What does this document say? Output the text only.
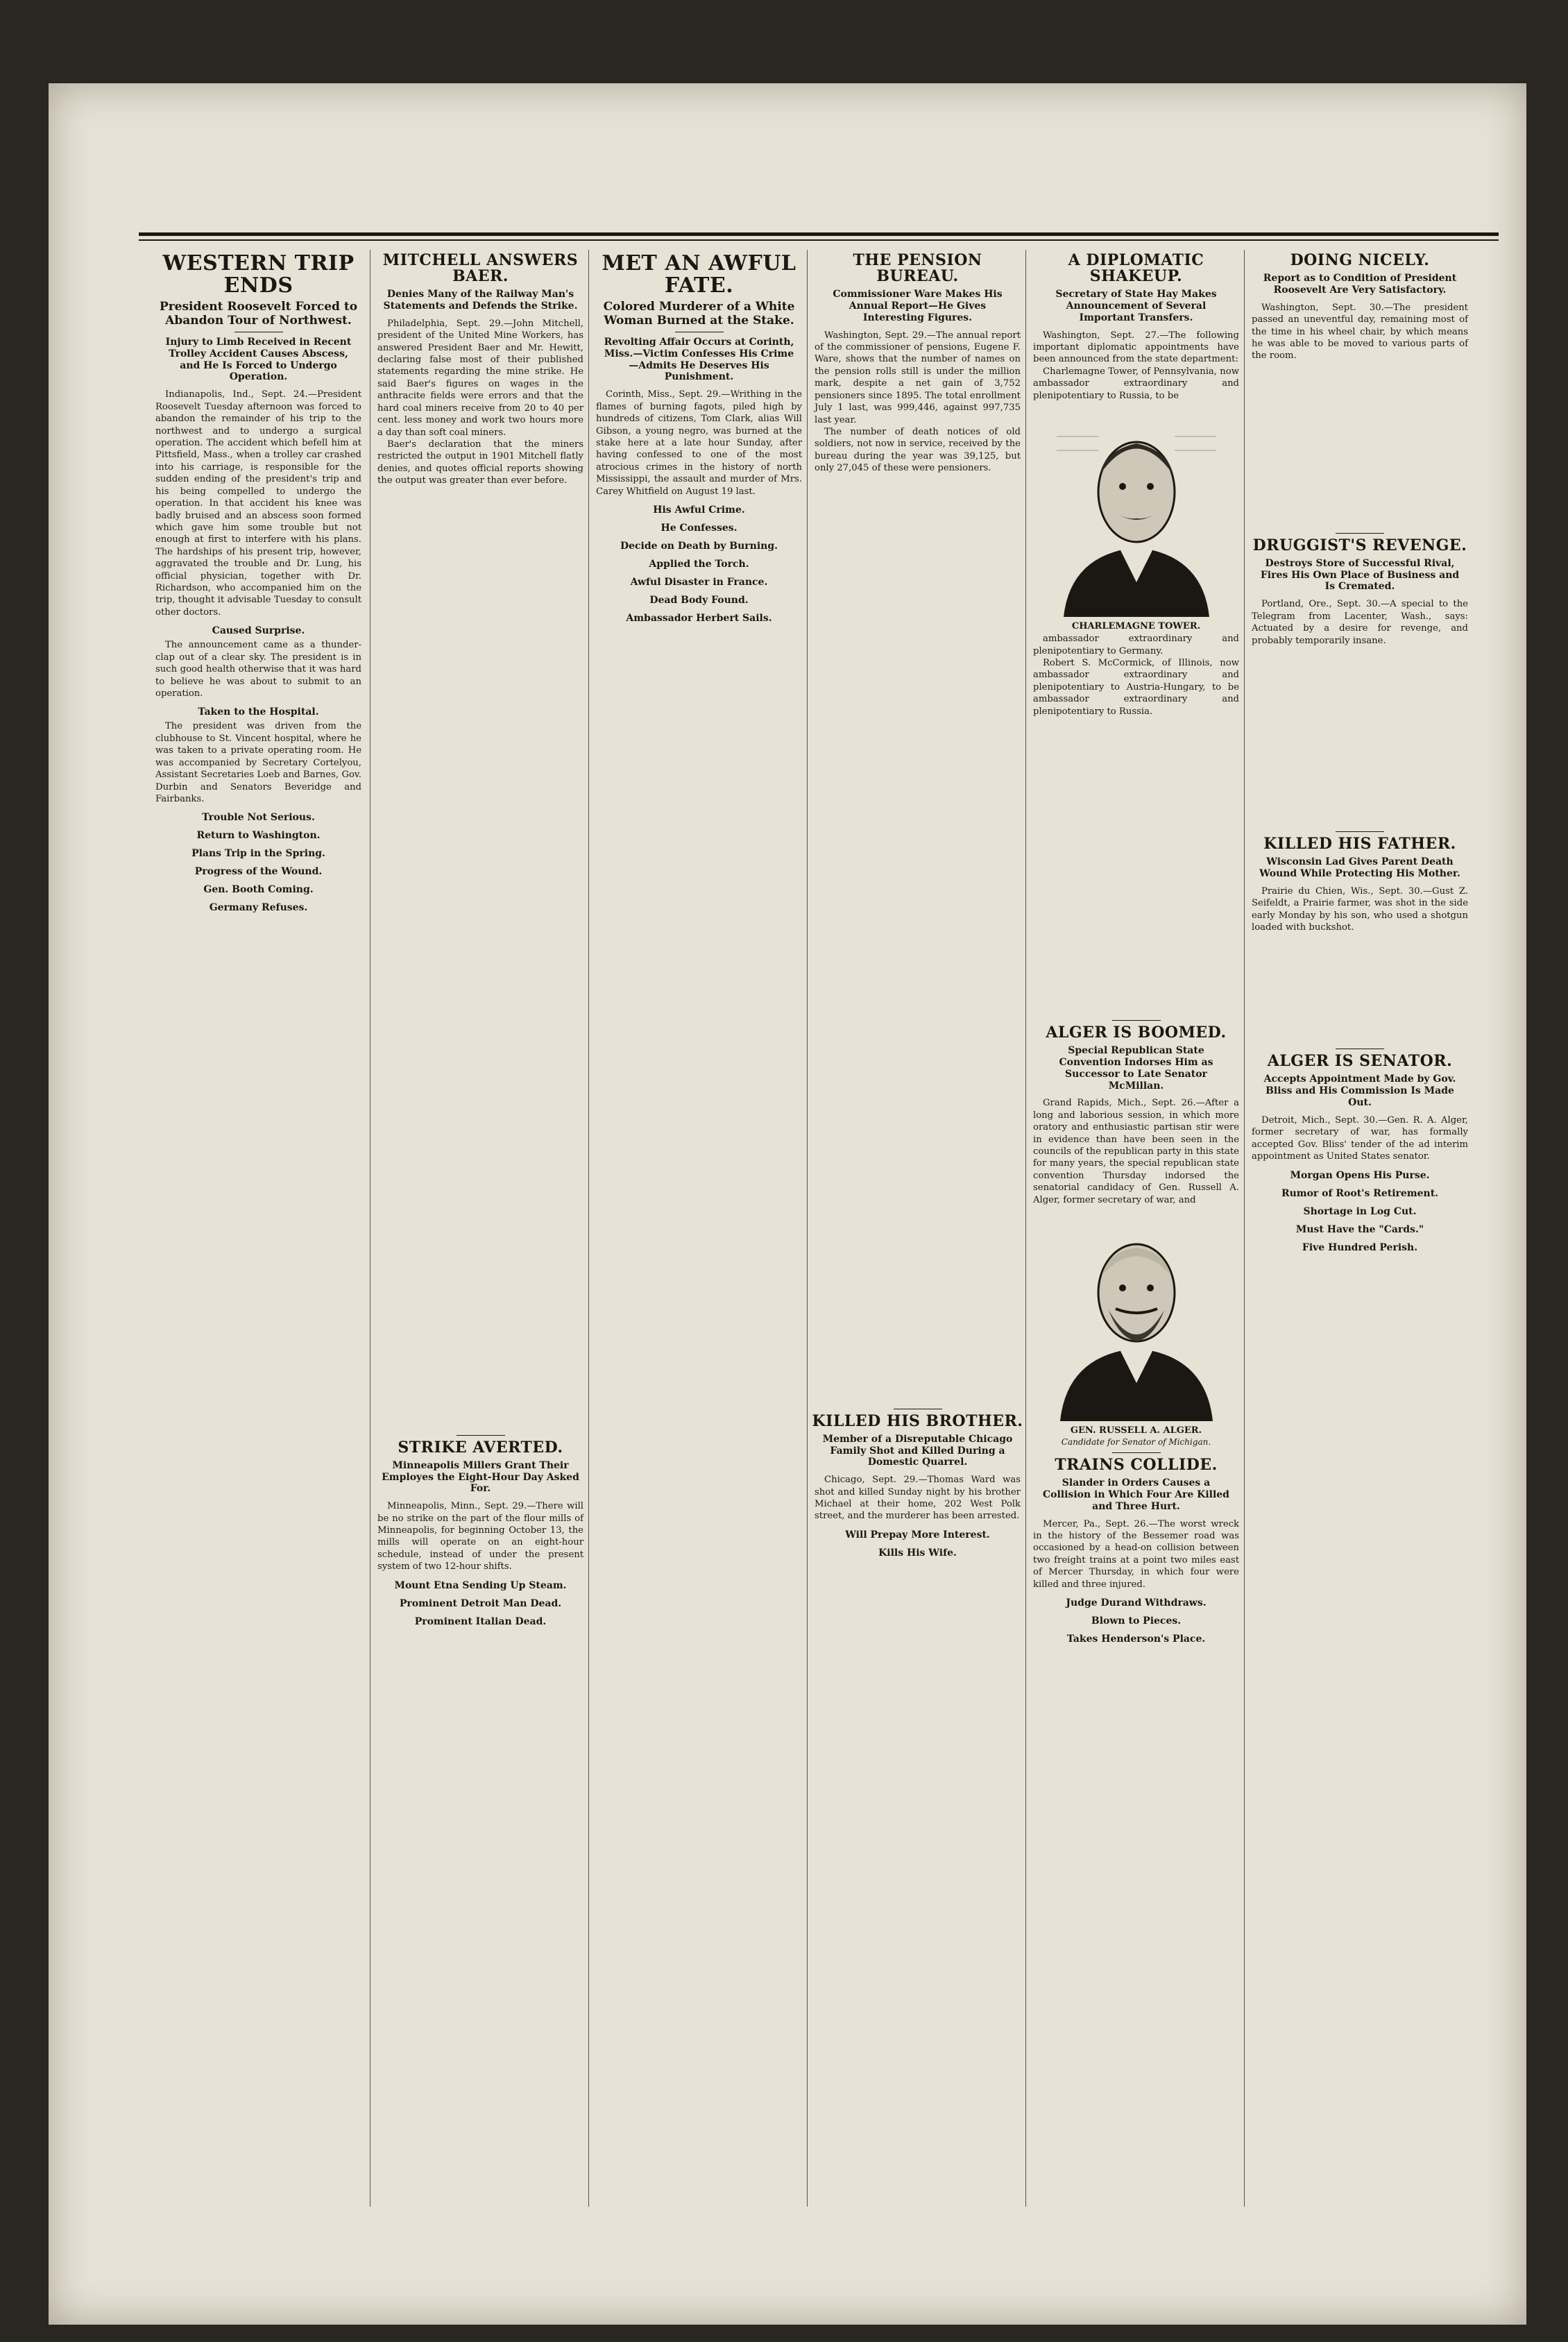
WESTERN TRIP ENDS
President Roosevelt Forced to Abandon Tour of Northwest.
Injury to Limb Received in Recent Trolley Accident Causes Abscess, and He Is Forced to Undergo Operation.

Indianapolis, Ind., Sept. 24.—President Roosevelt Tuesday afternoon was forced to abandon the remainder of his trip to the northwest and to undergo a surgical operation. The accident which befell him at Pittsfield, Mass., when a trolley car crashed into his carriage, is responsible for the sudden ending of the president's trip and his being compelled to undergo the operation. In that accident his knee was badly bruised and an abscess soon formed which gave him some trouble but not enough at first to interfere with his plans. The hardships of his present trip, however, aggravated the trouble and Dr. Lung, his official physician, together with Dr. Richardson, who accompanied him on the trip, thought it advisable Tuesday to consult other doctors.

Caused Surprise.

The announcement came as a thunder-clap out of a clear sky. The president is in such good health otherwise that it was hard to believe he was about to submit to an operation.

Taken to the Hospital.

The president was driven from the clubhouse to St. Vincent hospital, where he was taken to a private operating room. He was accompanied by Secretary Cortelyou, Assistant Secretaries Loeb and Barnes, Gov. Durbin and Senators Beveridge and Fairbanks.

Trouble Not Serious.
Return to Washington.
Plans Trip in the Spring.
Progress of the Wound.
Gen. Booth Coming.
Germany Refuses.
MITCHELL ANSWERS BAER.
Denies Many of the Railway Man's Statements and Defends the Strike.

Philadelphia, Sept. 29.—John Mitchell, president of the United Mine Workers, has answered President Baer and Mr. Hewitt, declaring false most of their published statements regarding the mine strike. He said Baer's figures on wages in the anthracite fields were errors and that the hard coal miners receive from 20 to 40 per cent. less money and work two hours more a day than soft coal miners.

Baer's declaration that the miners restricted the output in 1901 Mitchell flatly denies, and quotes official reports showing the output was greater than ever before.

STRIKE AVERTED.
Minneapolis Millers Grant Their Employes the Eight-Hour Day Asked For.

Minneapolis, Minn., Sept. 29.—There will be no strike on the part of the flour mills of Minneapolis, for beginning October 13, the mills will operate on an eight-hour schedule, instead of under the present system of two 12-hour shifts.

Mount Etna Sending Up Steam.
Prominent Detroit Man Dead.
Prominent Italian Dead.
MET AN AWFUL FATE.
Colored Murderer of a White Woman Burned at the Stake.
Revolting Affair Occurs at Corinth, Miss.—Victim Confesses His Crime —Admits He Deserves His Punishment.

Corinth, Miss., Sept. 29.—Writhing in the flames of burning fagots, piled high by hundreds of citizens, Tom Clark, alias Will Gibson, a young negro, was burned at the stake here at a late hour Sunday, after having confessed to one of the most atrocious crimes in the history of north Mississippi, the assault and murder of Mrs. Carey Whitfield on August 19 last.

His Awful Crime.
He Confesses.
Decide on Death by Burning.
Applied the Torch.
Awful Disaster in France.
Dead Body Found.
Ambassador Herbert Sails.
THE PENSION BUREAU.
Commissioner Ware Makes His Annual Report—He Gives Interesting Figures.

Washington, Sept. 29.—The annual report of the commissioner of pensions, Eugene F. Ware, shows that the number of names on the pension rolls still is under the million mark, despite a net gain of 3,752 pensioners since 1895. The total enrollment July 1 last, was 999,446, against 997,735 last year.

The number of death notices of old soldiers, not now in service, received by the bureau during the year was 39,125, but only 27,045 of these were pensioners.

KILLED HIS BROTHER.
Member of a Disreputable Chicago Family Shot and Killed During a Domestic Quarrel.

Chicago, Sept. 29.—Thomas Ward was shot and killed Sunday night by his brother Michael at their home, 202 West Polk street, and the murderer has been arrested.

Will Prepay More Interest.
Kills His Wife.
A DIPLOMATIC SHAKEUP.
Secretary of State Hay Makes Announcement of Several Important Transfers.

Washington, Sept. 27.—The following important diplomatic appointments have been announced from the state department:

Charlemagne Tower, of Pennsylvania, now ambassador extraordinary and plenipotentiary to Russia, to be

CHARLEMAGNE TOWER.

ambassador extraordinary and plenipotentiary to Germany.

Robert S. McCormick, of Illinois, now ambassador extraordinary and plenipotentiary to Austria-Hungary, to be ambassador extraordinary and plenipotentiary to Russia.

ALGER IS BOOMED.
Special Republican State Convention Indorses Him as Successor to Late Senator McMillan.

Grand Rapids, Mich., Sept. 26.—After a long and laborious session, in which more oratory and enthusiastic partisan stir were in evidence than have been seen in the councils of the republican party in this state for many years, the special republican state convention Thursday indorsed the senatorial candidacy of Gen. Russell A. Alger, former secretary of war, and

GEN. RUSSELL A. ALGER.
Candidate for Senator of Michigan.
TRAINS COLLIDE.
Slander in Orders Causes a Collision in Which Four Are Killed and Three Hurt.

Mercer, Pa., Sept. 26.—The worst wreck in the history of the Bessemer road was occasioned by a head-on collision between two freight trains at a point two miles east of Mercer Thursday, in which four were killed and three injured.

Judge Durand Withdraws.
Blown to Pieces.
Takes Henderson's Place.
DOING NICELY.
Report as to Condition of President Roosevelt Are Very Satisfactory.

Washington, Sept. 30.—The president passed an uneventful day, remaining most of the time in his wheel chair, by which means he was able to be moved to various parts of the room.

DRUGGIST'S REVENGE.
Destroys Store of Successful Rival, Fires His Own Place of Business and Is Cremated.

Portland, Ore., Sept. 30.—A special to the Telegram from Lacenter, Wash., says: Actuated by a desire for revenge, and probably temporarily insane.

KILLED HIS FATHER.
Wisconsin Lad Gives Parent Death Wound While Protecting His Mother.

Prairie du Chien, Wis., Sept. 30.—Gust Z. Seifeldt, a Prairie farmer, was shot in the side early Monday by his son, who used a shotgun loaded with buckshot.

ALGER IS SENATOR.
Accepts Appointment Made by Gov. Bliss and His Commission Is Made Out.

Detroit, Mich., Sept. 30.—Gen. R. A. Alger, former secretary of war, has formally accepted Gov. Bliss' tender of the ad interim appointment as United States senator.

Morgan Opens His Purse.
Rumor of Root's Retirement.
Shortage in Log Cut.
Must Have the "Cards."
Five Hundred Perish.
